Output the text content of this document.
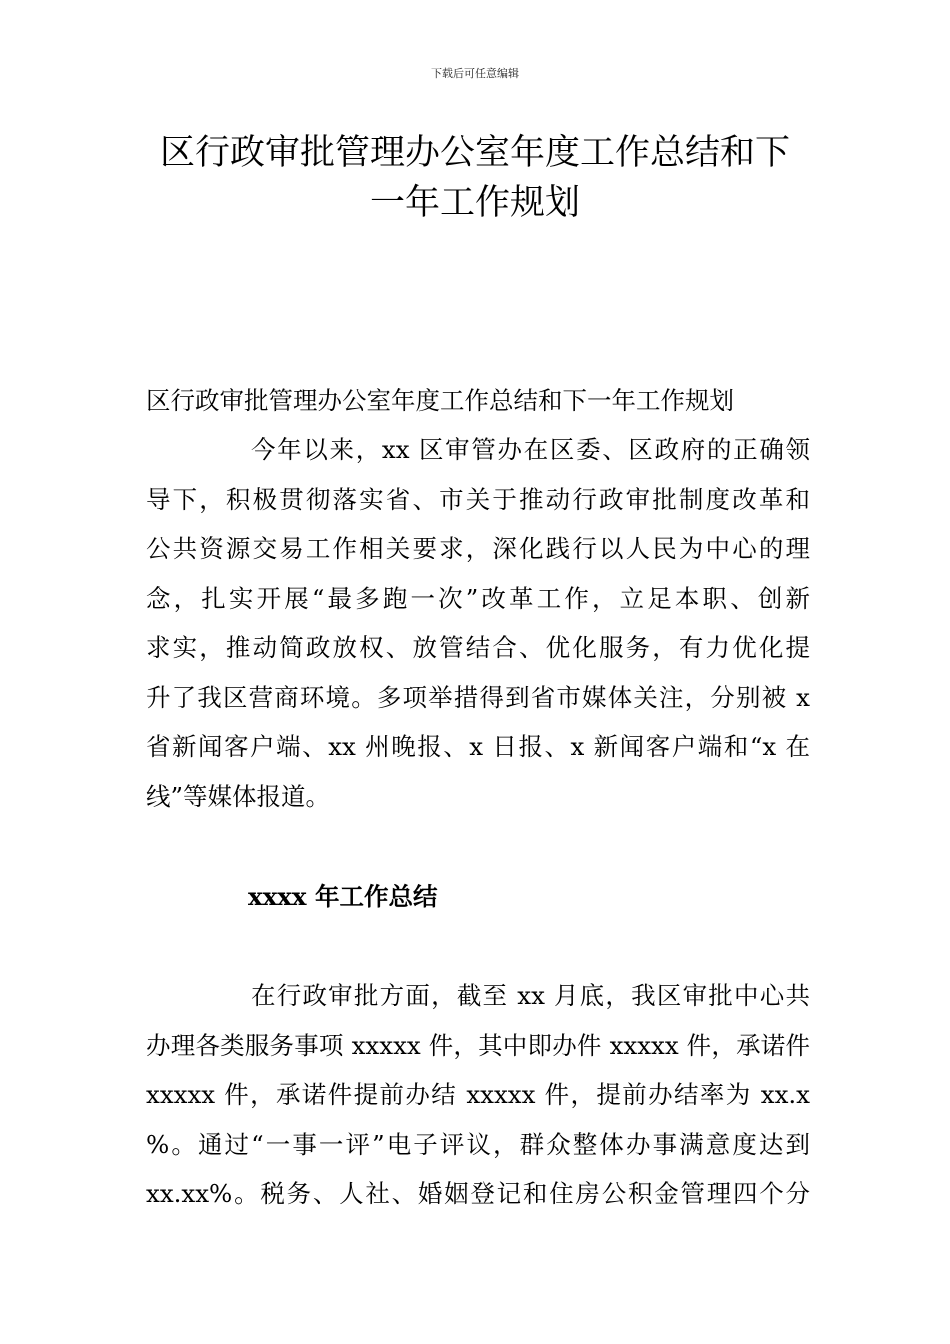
下载后可任意编辑
区行政审批管理办公室年度工作总结和下
一年工作规划

区行政审批管理办公室年度工作总结和下一年工作规划

今年以来，xx 区审管办在区委、区政府的正确领
导下，积极贯彻落实省、市关于推动行政审批制度改革和
公共资源交易工作相关要求，深化践行以人民为中心的理
念，扎实开展“最多跑一次”改革工作，立足本职、创新
求实，推动简政放权、放管结合、优化服务，有力优化提
升了我区营商环境。多项举措得到省市媒体关注，分别被 x
省新闻客户端、xx 州晚报、x 日报、x 新闻客户端和“x 在
线”等媒体报道。
xxxx 年工作总结
在行政审批方面，截至 xx 月底，我区审批中心共
办理各类服务事项 xxxxx 件，其中即办件 xxxxx 件，承诺件
xxxxx 件，承诺件提前办结 xxxxx 件，提前办结率为 xx.x
%。通过“一事一评”电子评议，群众整体办事满意度达到
xx.xx%。税务、人社、婚姻登记和住房公积金管理四个分
